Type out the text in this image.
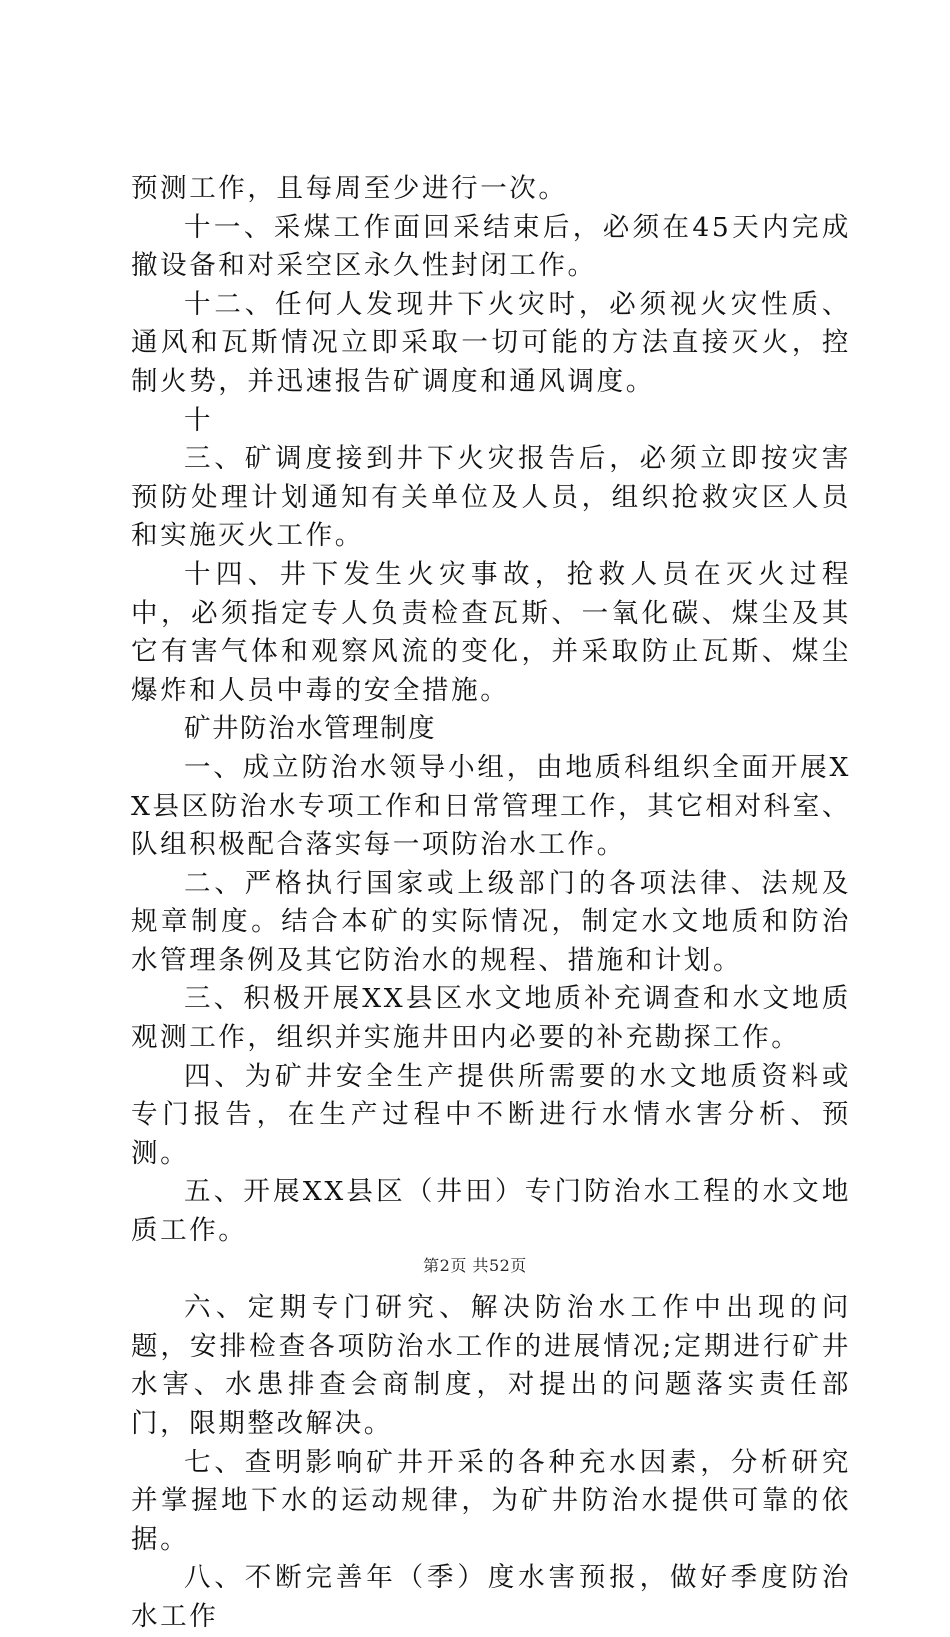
预测工作，且每周至少进行一次。

十一、采煤工作面回采结束后，必须在45天内完成撤设备和对采空区永久性封闭工作。

十二、任何人发现井下火灾时，必须视火灾性质、通风和瓦斯情况立即采取一切可能的方法直接灭火，控制火势，并迅速报告矿调度和通风调度。

十

三、矿调度接到井下火灾报告后，必须立即按灾害预防处理计划通知有关单位及人员，组织抢救灾区人员和实施灭火工作。

十四、井下发生火灾事故，抢救人员在灭火过程中，必须指定专人负责检查瓦斯、一氧化碳、煤尘及其它有害气体和观察风流的变化，并采取防止瓦斯、煤尘爆炸和人员中毒的安全措施。

矿井防治水管理制度

一、成立防治水领导小组，由地质科组织全面开展XX县区防治水专项工作和日常管理工作，其它相对科室、队组积极配合落实每一项防治水工作。

二、严格执行国家或上级部门的各项法律、法规及规章制度。结合本矿的实际情况，制定水文地质和防治水管理条例及其它防治水的规程、措施和计划。

三、积极开展XX县区水文地质补充调查和水文地质观测工作，组织并实施井田内必要的补充勘探工作。

四、为矿井安全生产提供所需要的水文地质资料或专门报告，在生产过程中不断进行水情水害分析、预测。

五、开展XX县区（井田）专门防治水工程的水文地质工作。

六、定期专门研究、解决防治水工作中出现的问题，安排检查各项防治水工作的进展情况;定期进行矿井水害、水患排查会商制度，对提出的问题落实责任部门，限期整改解决。

七、查明影响矿井开采的各种充水因素，分析研究并掌握地下水的运动规律，为矿井防治水提供可靠的依据。

八、不断完善年（季）度水害预报，做好季度防治水工作

第2页 共52页
